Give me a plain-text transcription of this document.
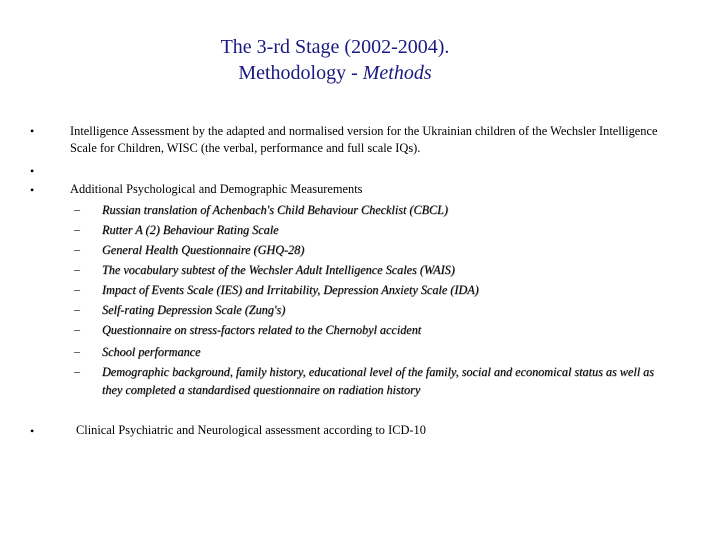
The 3-rd Stage (2002-2004).
Methodology - Methods
•	Intelligence Assessment by the adapted and normalised version for the Ukrainian children of the Wechsler Intelligence Scale for Children, WISC (the verbal, performance and full scale IQs).
•
•	Additional Psychological and Demographic Measurements
– Russian translation of Achenbach's Child Behaviour Checklist (CBCL)
– Rutter A (2) Behaviour Rating Scale
– General Health Questionnaire (GHQ-28)
– The vocabulary subtest of the Wechsler Adult Intelligence Scales (WAIS)
– Impact of Events Scale (IES) and Irritability, Depression Anxiety Scale (IDA)
– Self-rating Depression Scale (Zung's)
– Questionnaire on stress-factors related to the Chernobyl accident
– School performance
– Demographic background, family history, educational level of the family, social and economical status as well as they completed a standardised questionnaire on radiation history
•	Clinical Psychiatric and Neurological assessment according to ICD-10
